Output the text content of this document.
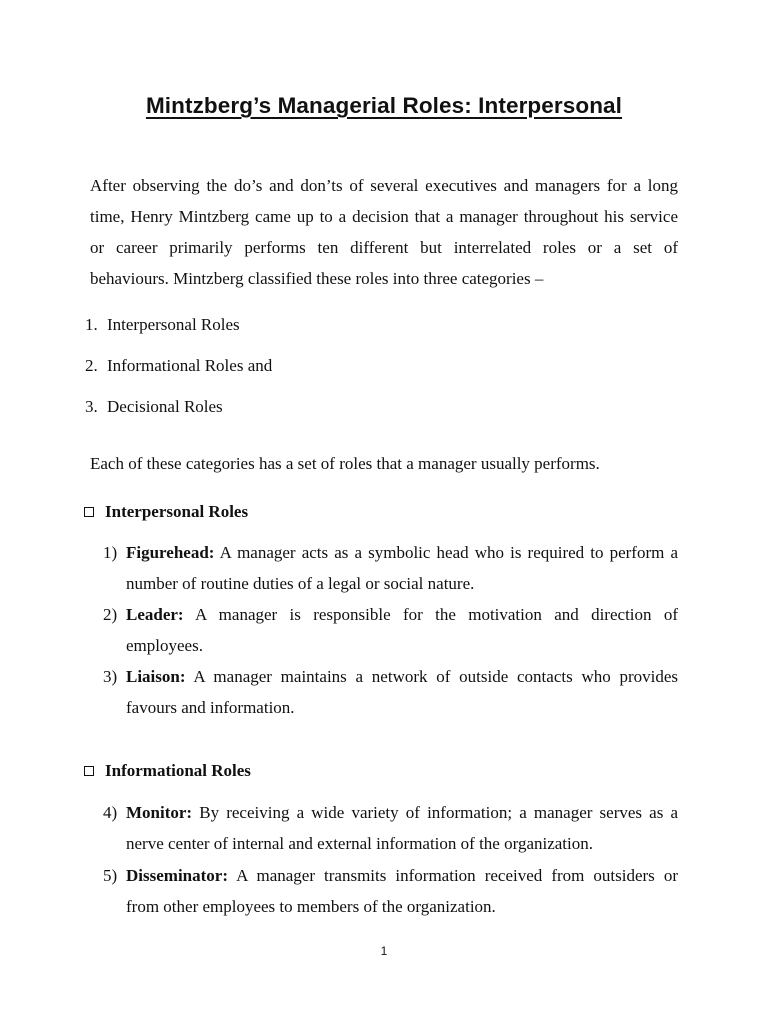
Mintzberg’s Managerial Roles: Interpersonal
After observing the do’s and don’ts of several executives and managers for a long
time, Henry Mintzberg came up to a decision that a manager throughout his service
or career primarily performs ten different but interrelated roles or a set of
behaviours. Mintzberg classified these roles into three categories –
1. Interpersonal Roles
2. Informational Roles and
3. Decisional Roles
Each of these categories has a set of roles that a manager usually performs.
Interpersonal Roles
1) Figurehead: A manager acts as a symbolic head who is required to perform a
number of routine duties of a legal or social nature.
2) Leader: A manager is responsible for the motivation and direction of
employees.
3) Liaison: A manager maintains a network of outside contacts who provides
favours and information.
Informational Roles
4) Monitor: By receiving a wide variety of information; a manager serves as a
nerve center of internal and external information of the organization.
5) Disseminator: A manager transmits information received from outsiders or
from other employees to members of the organization.
1
